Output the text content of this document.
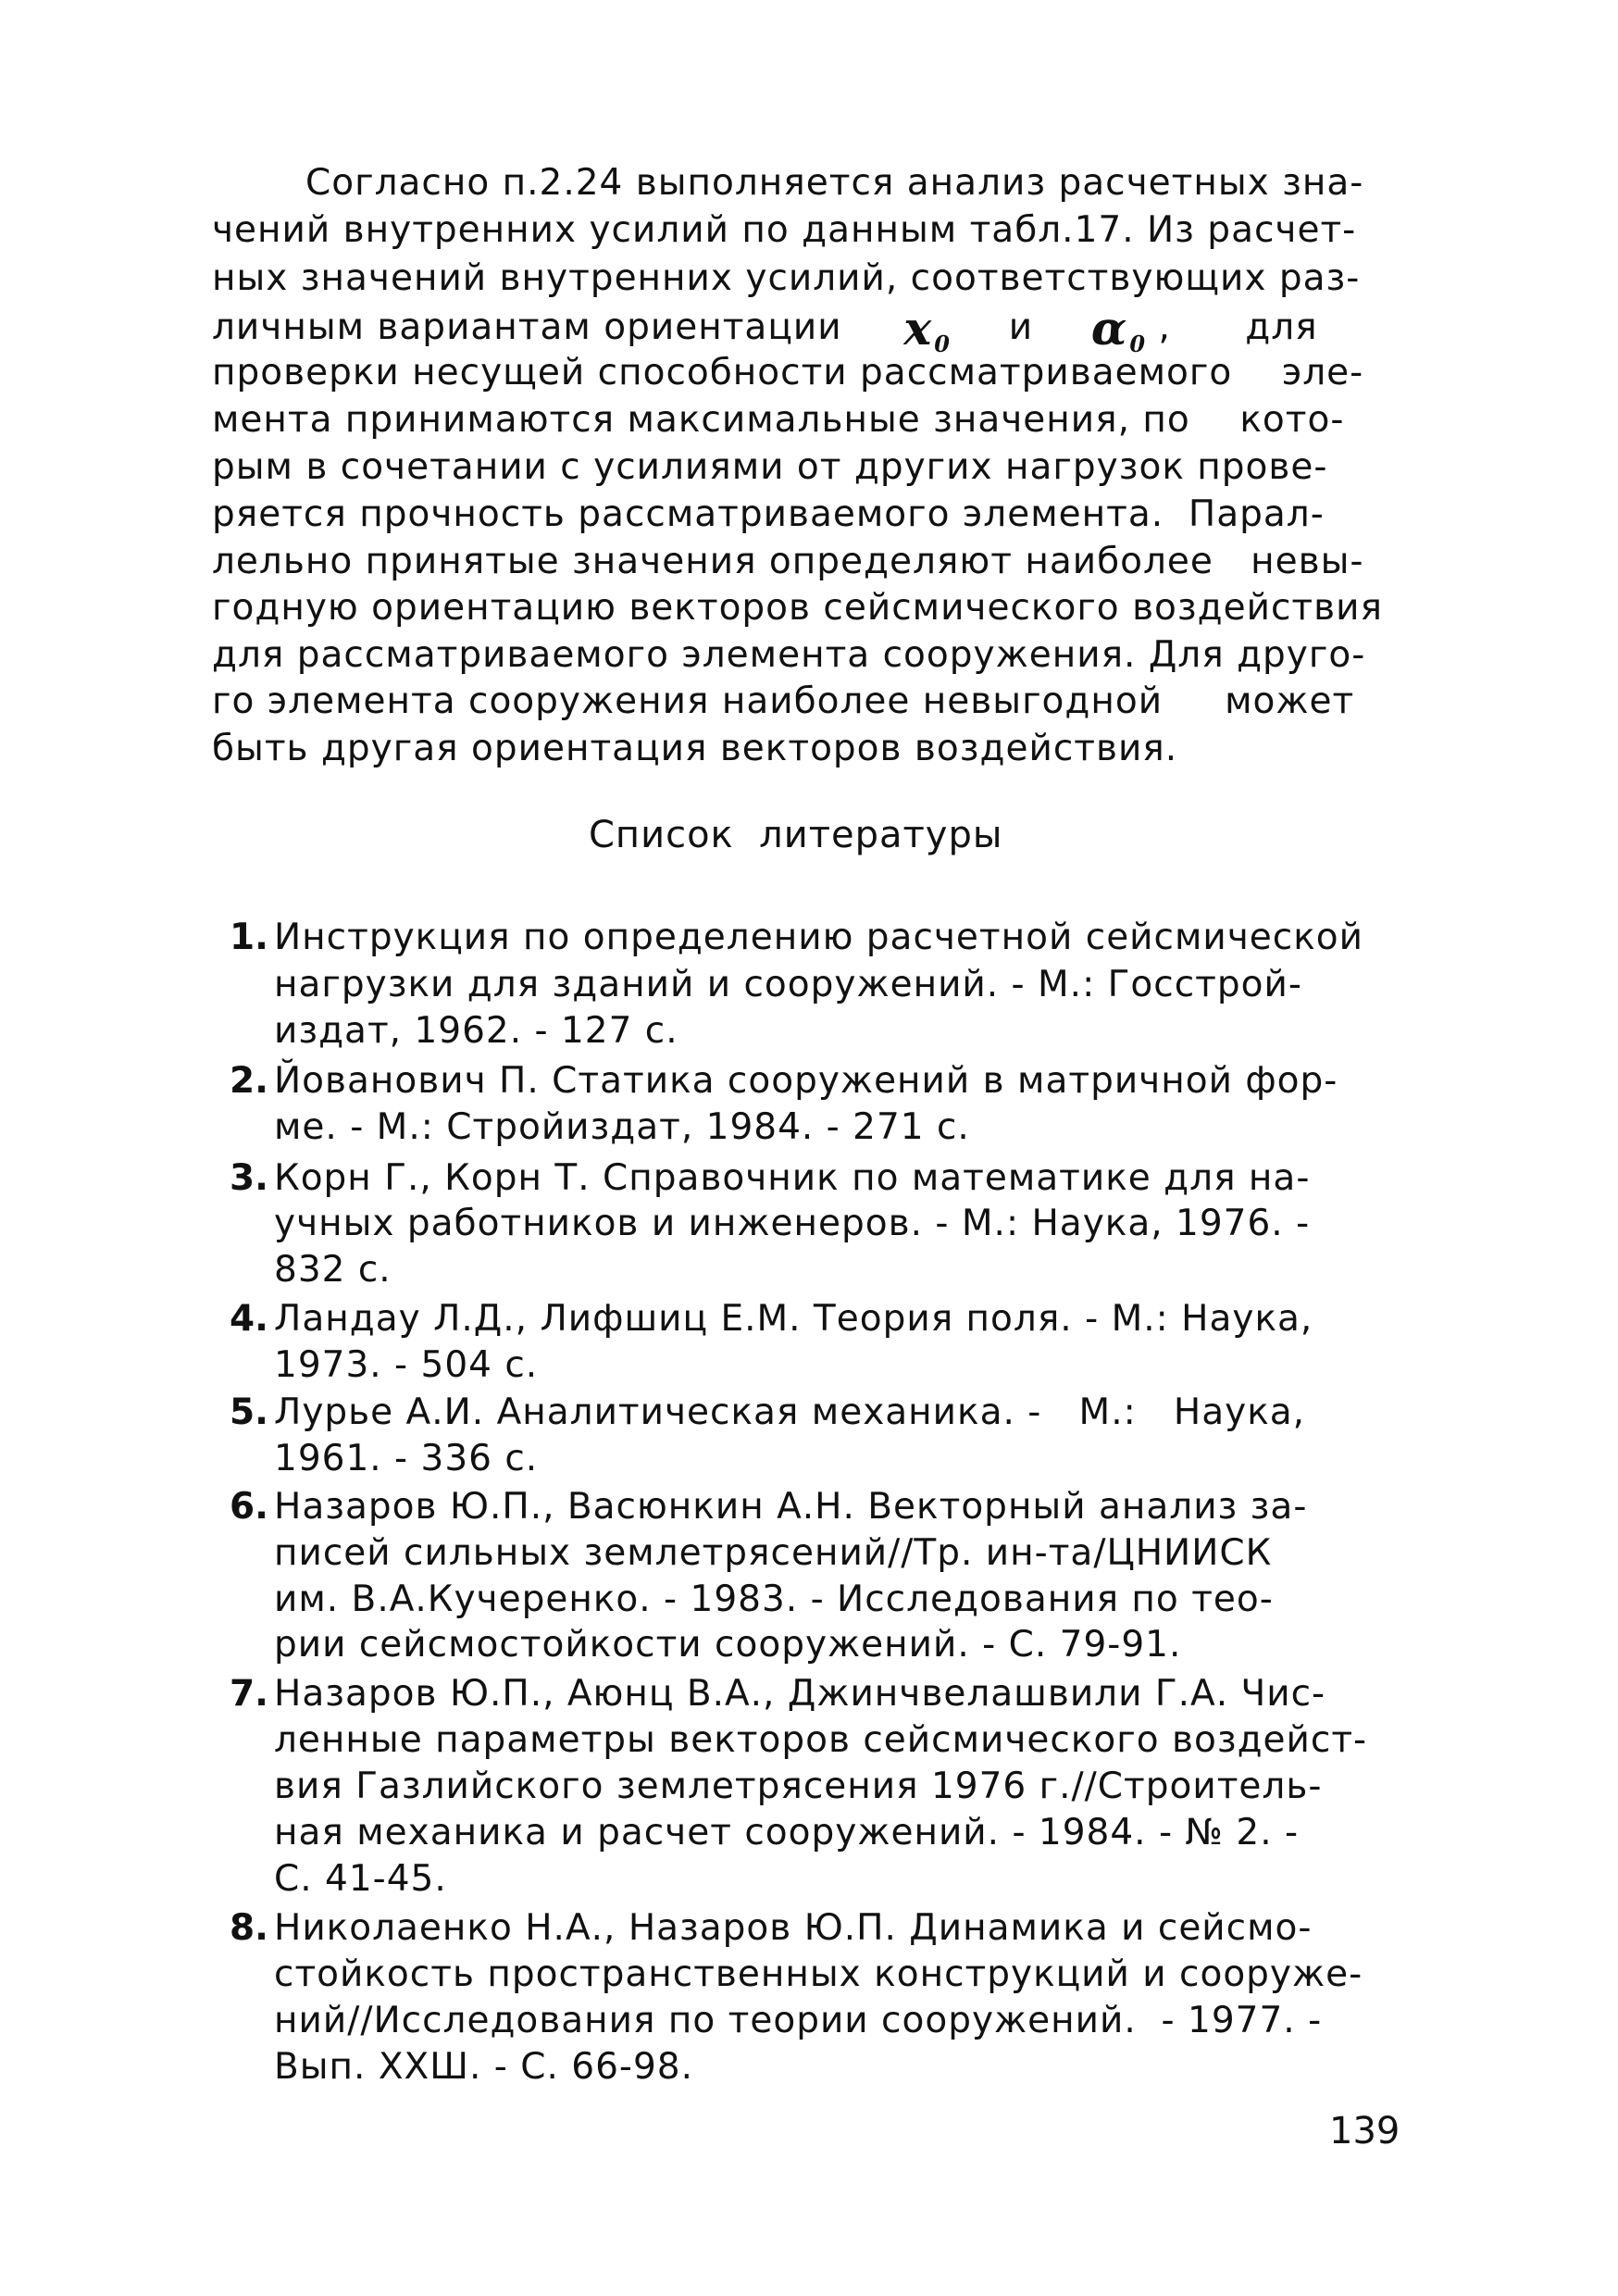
Согласно п.2.24 выполняется анализ расчетных зна-
чений внутренних усилий по данным табл.17. Из расчет-
ных значений внутренних усилий, соответствующих раз-
личным вариантам ориентации $x_0$ и $\alpha_0$ ,      для
проверки несущей способности рассматриваемого    эле-
мента принимаются максимальные значения, по    кото-
рым в сочетании с усилиями от других нагрузок прове-
ряется прочность рассматриваемого элемента.  Парал-
лельно принятые значения определяют наиболее   невы-
годную ориентацию векторов сейсмического воздействия
для рассматриваемого элемента сооружения. Для друго-
го элемента сооружения наиболее невыгодной     может
быть другая ориентация векторов воздействия.
Список  литературы
1. Инструкция по определению расчетной сейсмической
нагрузки для зданий и сооружений. - М.: Госстрой-
издат, 1962. - 127 с.
2. Йованович П. Статика сооружений в матричной фор-
ме. - М.: Стройиздат, 1984. - 271 с.
3. Корн Г., Корн Т. Справочник по математике для на-
учных работников и инженеров. - М.: Наука, 1976. -
832 с.
4. Ландау Л.Д., Лифшиц Е.М. Теория поля. - М.: Наука,
1973. - 504 с.
5. Лурье А.И. Аналитическая механика. -   М.:   Наука,
1961. - 336 с.
6. Назаров Ю.П., Васюнкин А.Н. Векторный анализ за-
писей сильных землетрясений//Тр. ин-та/ЦНИИСК
им. В.А.Кучеренко. - 1983. - Исследования по тео-
рии сейсмостойкости сооружений. - С. 79-91.
7. Назаров Ю.П., Аюнц В.А., Джинчвелашвили Г.А. Чис-
ленные параметры векторов сейсмического воздейст-
вия Газлийского землетрясения 1976 г.//Строитель-
ная механика и расчет сооружений. - 1984. - № 2. -
С. 41-45.
8. Николаенко Н.А., Назаров Ю.П. Динамика и сейсмо-
стойкость пространственных конструкций и сооруже-
ний//Исследования по теории сооружений.  - 1977. -
Вып. ХХШ. - С. 66-98.
139
